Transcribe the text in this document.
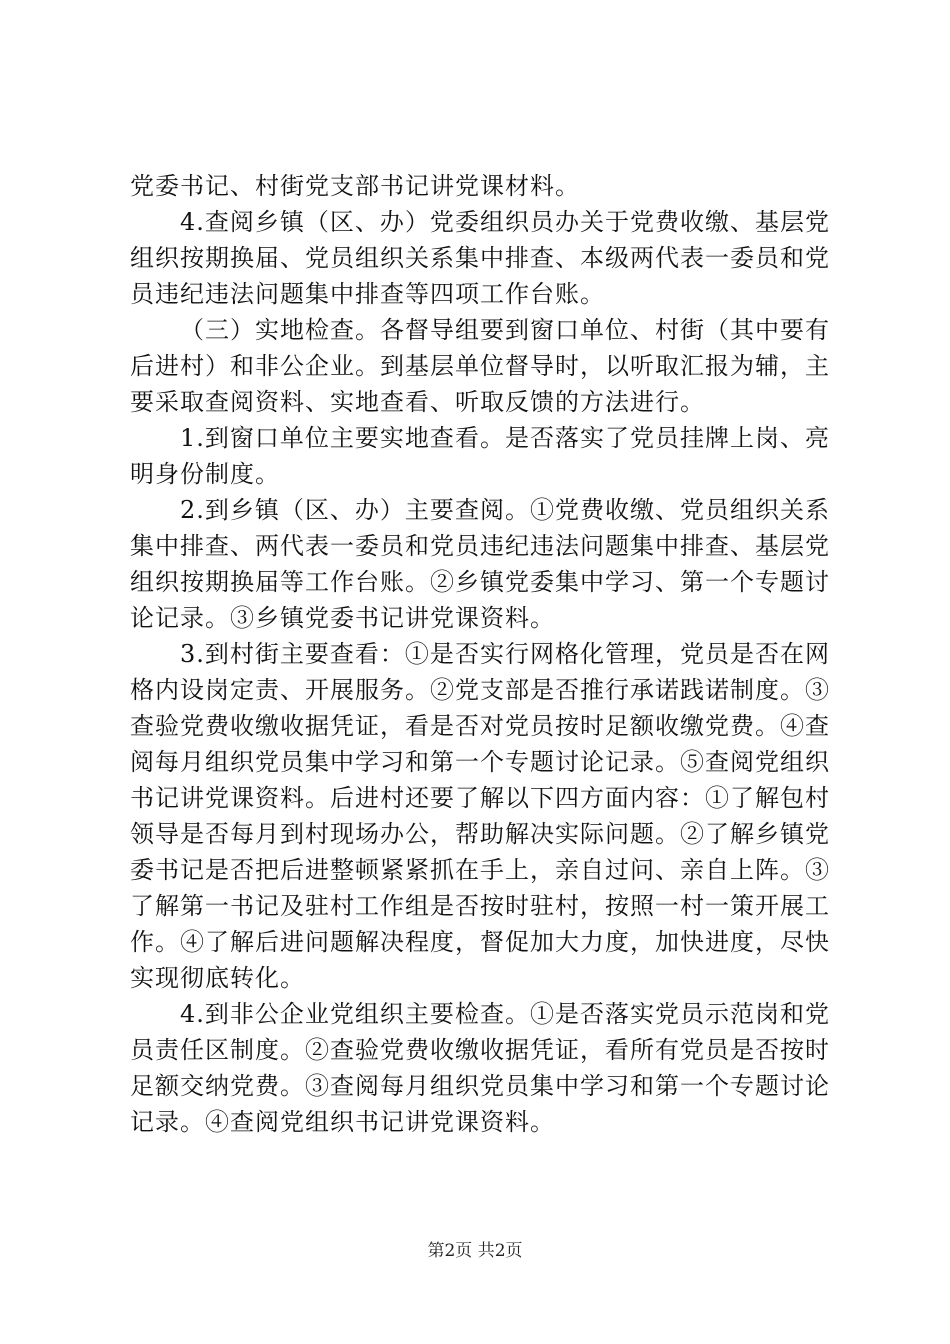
党委书记、村街党支部书记讲党课材料。

4.查阅乡镇（区、办）党委组织员办关于党费收缴、基层党组织按期换届、党员组织关系集中排查、本级两代表一委员和党员违纪违法问题集中排查等四项工作台账。

（三）实地检查。各督导组要到窗口单位、村街（其中要有后进村）和非公企业。到基层单位督导时，以听取汇报为辅，主要采取查阅资料、实地查看、听取反馈的方法进行。

1.到窗口单位主要实地查看。是否落实了党员挂牌上岗、亮明身份制度。

2.到乡镇（区、办）主要查阅。①党费收缴、党员组织关系集中排查、两代表一委员和党员违纪违法问题集中排查、基层党组织按期换届等工作台账。②乡镇党委集中学习、第一个专题讨论记录。③乡镇党委书记讲党课资料。

3.到村街主要查看：①是否实行网格化管理，党员是否在网格内设岗定责、开展服务。②党支部是否推行承诺践诺制度。③查验党费收缴收据凭证，看是否对党员按时足额收缴党费。④查阅每月组织党员集中学习和第一个专题讨论记录。⑤查阅党组织书记讲党课资料。后进村还要了解以下四方面内容：①了解包村领导是否每月到村现场办公，帮助解决实际问题。②了解乡镇党委书记是否把后进整顿紧紧抓在手上，亲自过问、亲自上阵。③了解第一书记及驻村工作组是否按时驻村，按照一村一策开展工作。④了解后进问题解决程度，督促加大力度，加快进度，尽快实现彻底转化。

4.到非公企业党组织主要检查。①是否落实党员示范岗和党员责任区制度。②查验党费收缴收据凭证，看所有党员是否按时足额交纳党费。③查阅每月组织党员集中学习和第一个专题讨论记录。④查阅党组织书记讲党课资料。

第2页 共2页
